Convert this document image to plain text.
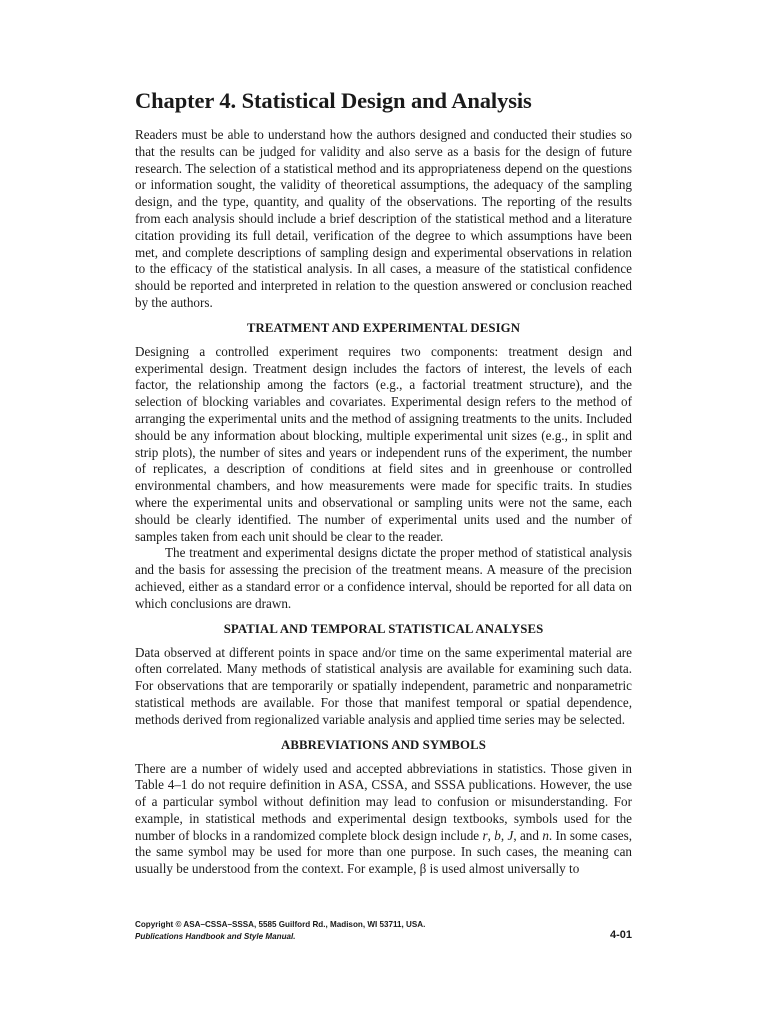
Chapter 4. Statistical Design and Analysis

Readers must be able to understand how the authors designed and conducted their studies so that the results can be judged for validity and also serve as a basis for the design of future research. The selection of a statistical method and its appropriateness depend on the questions or information sought, the validity of theoretical assumptions, the adequacy of the sampling design, and the type, quantity, and quality of the observations. The reporting of the results from each analysis should include a brief description of the statistical method and a literature citation providing its full detail, verification of the degree to which assumptions have been met, and complete descriptions of sampling design and experimental observations in relation to the efficacy of the statistical analysis. In all cases, a measure of the statistical confidence should be reported and interpreted in relation to the question answered or conclusion reached by the authors.

TREATMENT AND EXPERIMENTAL DESIGN

Designing a controlled experiment requires two components: treatment design and experimental design. Treatment design includes the factors of interest, the levels of each factor, the relationship among the factors (e.g., a factorial treatment structure), and the selection of blocking variables and covariates. Experimental design refers to the method of arranging the experimental units and the method of assigning treatments to the units. Included should be any information about blocking, multiple experimental unit sizes (e.g., in split and strip plots), the number of sites and years or independent runs of the experiment, the number of replicates, a description of conditions at field sites and in greenhouse or controlled environmental chambers, and how measurements were made for specific traits. In studies where the experimental units and observational or sampling units were not the same, each should be clearly identified. The number of experimental units used and the number of samples taken from each unit should be clear to the reader.

The treatment and experimental designs dictate the proper method of statistical analysis and the basis for assessing the precision of the treatment means. A measure of the precision achieved, either as a standard error or a confidence interval, should be reported for all data on which conclusions are drawn.

SPATIAL AND TEMPORAL STATISTICAL ANALYSES

Data observed at different points in space and/or time on the same experimental material are often correlated. Many methods of statistical analysis are available for examining such data. For observations that are temporarily or spatially independent, parametric and nonparametric statistical methods are available. For those that manifest temporal or spatial dependence, methods derived from regionalized variable analysis and applied time series may be selected.

ABBREVIATIONS AND SYMBOLS

There are a number of widely used and accepted abbreviations in statistics. Those given in Table 4–1 do not require definition in ASA, CSSA, and SSSA publications. However, the use of a particular symbol without definition may lead to confusion or misunderstanding. For example, in statistical methods and experimental design textbooks, symbols used for the number of blocks in a randomized complete block design include r, b, J, and n. In some cases, the same symbol may be used for more than one purpose. In such cases, the meaning can usually be understood from the context. For example, β is used almost universally to

Copyright © ASA–CSSA–SSSA, 5585 Guilford Rd., Madison, WI 53711, USA.
Publications Handbook and Style Manual.	4-01
